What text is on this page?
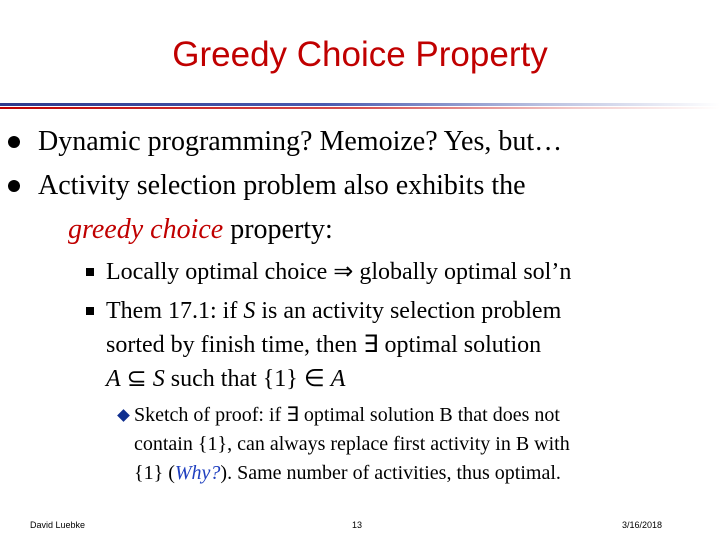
Greedy Choice Property
Dynamic programming? Memoize? Yes, but…
Activity selection problem also exhibits the
greedy choice property:
Locally optimal choice ⇒ globally optimal sol’n
Them 17.1: if S is an activity selection problem
sorted by finish time, then ∃ optimal solution
A ⊆ S such that {1} ∈ A
Sketch of proof: if ∃ optimal solution B that does not
contain {1}, can always replace first activity in B with
{1} (Why?). Same number of activities, thus optimal.
David Luebke	13	3/16/2018
